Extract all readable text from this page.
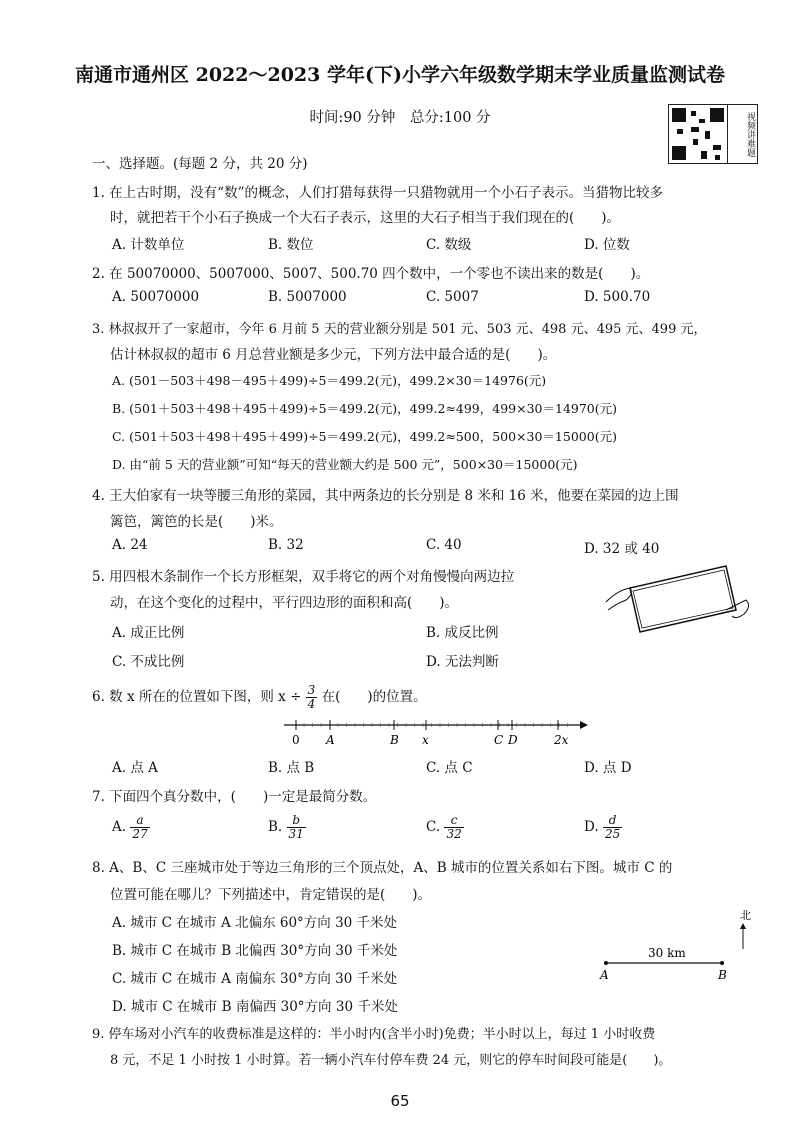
南通市通州区 2022～2023 学年(下)小学六年级数学期末学业质量监测试卷
时间:90 分钟　总分:100 分	视频讲难题
一、选择题。(每题 2 分，共 20 分)
1. 在上古时期，没有“数”的概念，人们打猎每获得一只猎物就用一个小石子表示。当猎物比较多
时，就把若干个小石子换成一个大石子表示，这里的大石子相当于我们现在的(　　)。
A. 计数单位	B. 数位	C. 数级	D. 位数
2. 在 50070000、5007000、5007、500.70 四个数中，一个零也不读出来的数是(　　)。
A. 50070000	B. 5007000	C. 5007	D. 500.70
3. 林叔叔开了一家超市，今年 6 月前 5 天的营业额分别是 501 元、503 元、498 元、495 元、499 元，
估计林叔叔的超市 6 月总营业额是多少元，下列方法中最合适的是(　　)。
A. (501－503＋498－495＋499)÷5＝499.2(元)，499.2×30＝14976(元)
B. (501＋503＋498＋495＋499)÷5＝499.2(元)，499.2≈499，499×30＝14970(元)
C. (501＋503＋498＋495＋499)÷5＝499.2(元)，499.2≈500，500×30＝15000(元)
D. 由“前 5 天的营业额”可知“每天的营业额大约是 500 元”，500×30＝15000(元)
4. 王大伯家有一块等腰三角形的菜园，其中两条边的长分别是 8 米和 16 米，他要在菜园的边上围
篱笆，篱笆的长是(　　)米。
A. 24	B. 32	C. 40	D. 32 或 40
5. 用四根木条制作一个长方形框架，双手将它的两个对角慢慢向两边拉
动，在这个变化的过程中，平行四边形的面积和高(　　)。
A. 成正比例	B. 成反比例
C. 不成比例	D. 无法判断
6. 数 x 所在的位置如下图，则 $x \div \frac{3}{4}$ 在(　　)的位置。
0 A	B x	C D	2x
A. 点 A	B. 点 B	C. 点 C	D. 点 D
7. 下面四个真分数中，(　　)一定是最简分数。
A. $\frac{a}{27}$	B. $\frac{b}{31}$	C. $\frac{c}{32}$	D. $\frac{d}{25}$
8. A、B、C 三座城市处于等边三角形的三个顶点处，A、B 城市的位置关系如右下图。城市 C 的
位置可能在哪儿？下列描述中，肯定错误的是(　　)。
A. 城市 C 在城市 A 北偏东 60°方向 30 千米处
B. 城市 C 在城市 B 北偏西 30°方向 30 千米处
C. 城市 C 在城市 A 南偏东 30°方向 30 千米处
D. 城市 C 在城市 B 南偏西 30°方向 30 千米处
北
30 km
A	B
9. 停车场对小汽车的收费标准是这样的：半小时内(含半小时)免费；半小时以上，每过 1 小时收费
8 元，不足 1 小时按 1 小时算。若一辆小汽车付停车费 24 元，则它的停车时间段可能是(　　)。
65
